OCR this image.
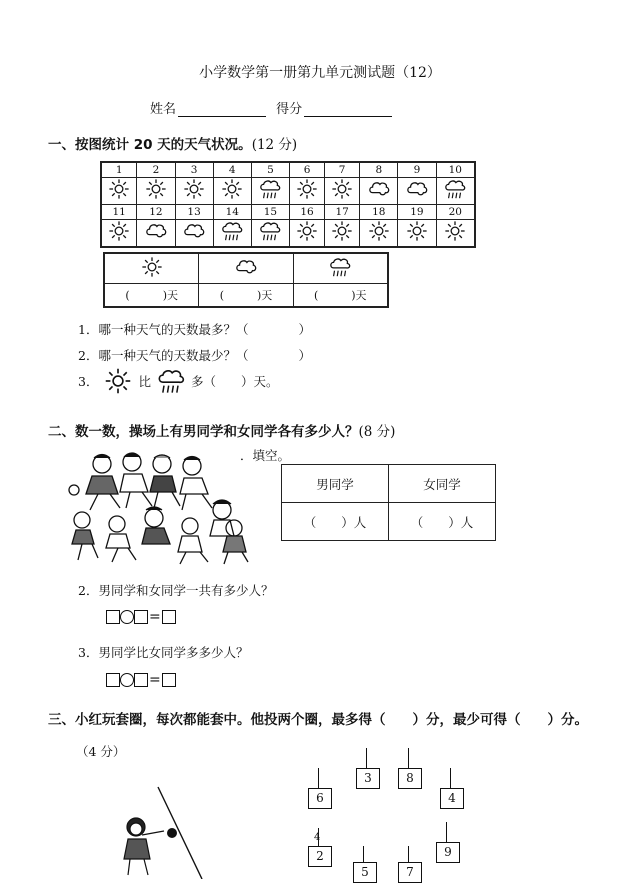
小学数学第一册第九单元测试题（12）
姓名	得分
一、按图统计 20 天的天气状况。(12 分)
1	2	3	4	5	6	7	8	9	10

11	12	13	14	15	16	17	18	19	20

(　　　)天	(　　　)天	(　　　)天
1．哪一种天气的天数最多？（　　　　）
2．哪一种天气的天数最少？（　　　　）
3．	比	多（　　）天。
二、数一数，操场上有男同学和女同学各有多少人？(8 分)
．填空。
男同学	女同学
（　　）人	（　　）人
2．男同学和女同学一共有多少人？
=
3．男同学比女同学多多少人？
=
三、小红玩套圈，每次都能套中。他投两个圈，最多得（　　）分，最少可得（　　）分。
（4 分）
6
3	8
4
2
5	7
9
4
